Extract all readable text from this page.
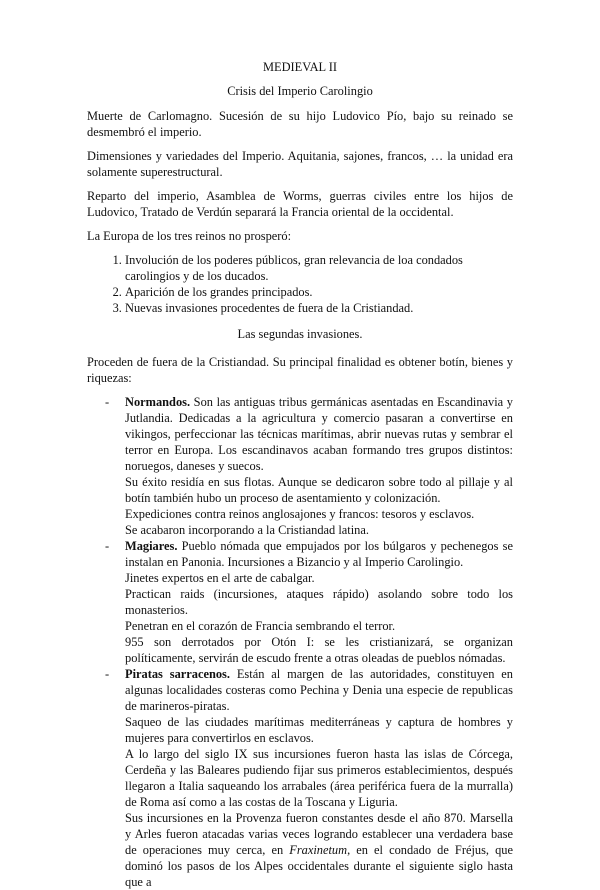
MEDIEVAL II
Crisis del Imperio Carolingio

Muerte de Carlomagno. Sucesión de su hijo Ludovico Pío, bajo su reinado se desmembró el imperio.

Dimensiones y variedades del Imperio. Aquitania, sajones, francos, … la unidad era solamente superestructural.

Reparto del imperio, Asamblea de Worms, guerras civiles entre los hijos de Ludovico, Tratado de Verdún separará la Francia oriental de la occidental.

La Europa de los tres reinos no prosperó:

1. Involución de los poderes públicos, gran relevancia de loa condados carolingios y de los ducados.
2. Aparición de los grandes principados.
3. Nuevas invasiones procedentes de fuera de la Cristiandad.
Las segundas invasiones.

Proceden de fuera de la Cristiandad. Su principal finalidad es obtener botín, bienes y riquezas:

- Normandos. Son las antiguas tribus germánicas asentadas en Escandinavia y Jutlandia. Dedicadas a la agricultura y comercio pasaran a convertirse en vikingos, perfeccionar las técnicas marítimas, abrir nuevas rutas y sembrar el terror en Europa. Los escandinavos acaban formando tres grupos distintos: noruegos, daneses y suecos.

Su éxito residía en sus flotas. Aunque se dedicaron sobre todo al pillaje y al botín también hubo un proceso de asentamiento y colonización.

Expediciones contra reinos anglosajones y francos: tesoros y esclavos.

Se acabaron incorporando a la Cristiandad latina.

- Magiares. Pueblo nómada que empujados por los búlgaros y pechenegos se instalan en Panonia. Incursiones a Bizancio y al Imperio Carolingio.

Jinetes expertos en el arte de cabalgar.

Practican raids (incursiones, ataques rápido) asolando sobre todo los monasterios.

Penetran en el corazón de Francia sembrando el terror.

955 son derrotados por Otón I: se les cristianizará, se organizan políticamente, servirán de escudo frente a otras oleadas de pueblos nómadas.

- Piratas sarracenos. Están al margen de las autoridades, constituyen en algunas localidades costeras como Pechina y Denia una especie de republicas de marineros-piratas.

Saqueo de las ciudades marítimas mediterráneas y captura de hombres y mujeres para convertirlos en esclavos.

A lo largo del siglo IX sus incursiones fueron hasta las islas de Córcega, Cerdeña y las Baleares pudiendo fijar sus primeros establecimientos, después llegaron a Italia saqueando los arrabales (área periférica fuera de la murralla) de Roma así como a las costas de la Toscana y Liguria.

Sus incursiones en la Provenza fueron constantes desde el año 870. Marsella y Arles fueron atacadas varias veces logrando establecer una verdadera base de operaciones muy cerca, en Fraxinetum, en el condado de Fréjus, que dominó los pasos de los Alpes occidentales durante el siguiente siglo hasta que a
